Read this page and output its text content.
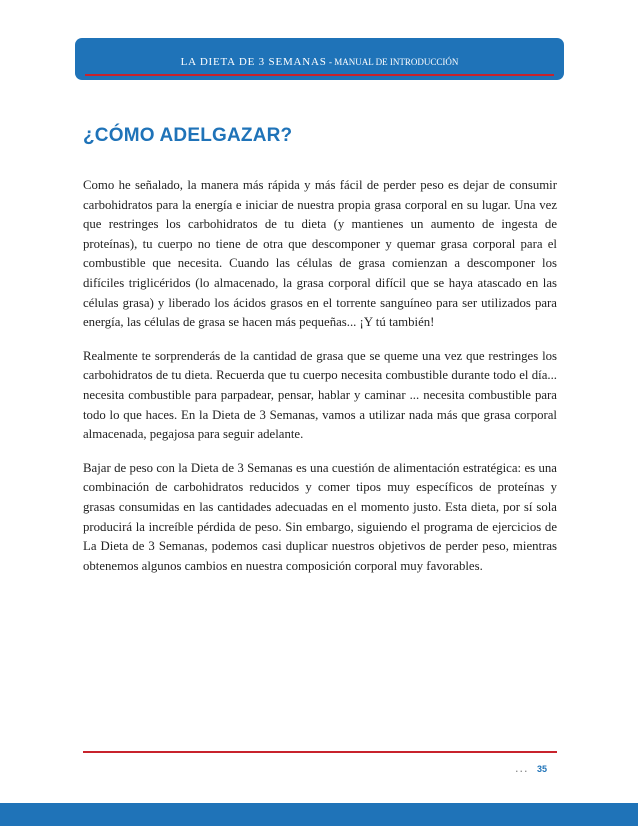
LA DIETA DE 3 SEMANAS - MANUAL DE INTRODUCCIÓN
¿CÓMO ADELGAZAR?

Como he señalado, la manera más rápida y más fácil de perder peso es dejar de consumir carbohidratos para la energía e iniciar de nuestra propia grasa corporal en su lugar. Una vez que restringes los carbohidratos de tu dieta (y mantienes un aumento de ingesta de proteínas), tu cuerpo no tiene de otra que descomponer y quemar grasa corporal para el combustible que necesita. Cuando las células de grasa comienzan a descomponer los difíciles triglicéridos (lo almacenado, la grasa corporal difícil que se haya atascado en las células grasa) y liberado los ácidos grasos en el torrente sanguíneo para ser utilizados para energía, las células de grasa se hacen más pequeñas... ¡Y tú también!

Realmente te sorprenderás de la cantidad de grasa que se queme una vez que restringes los carbohidratos de tu dieta. Recuerda que tu cuerpo necesita combustible durante todo el día... necesita combustible para parpadear, pensar, hablar y caminar ... necesita combustible para todo lo que haces. En la Dieta de 3 Semanas, vamos a utilizar nada más que grasa corporal almacenada, pegajosa para seguir adelante.

Bajar de peso con la Dieta de 3 Semanas es una cuestión de alimentación estratégica: es una combinación de carbohidratos reducidos y comer tipos muy específicos de proteínas y grasas consumidas en las cantidades adecuadas en el momento justo. Esta dieta, por sí sola producirá la increíble pérdida de peso. Sin embargo, siguiendo el programa de ejercicios de La Dieta de 3 Semanas, podemos casi duplicar nuestros objetivos de perder peso, mientras obtenemos algunos cambios en nuestra composición corporal muy favorables.

... 35
